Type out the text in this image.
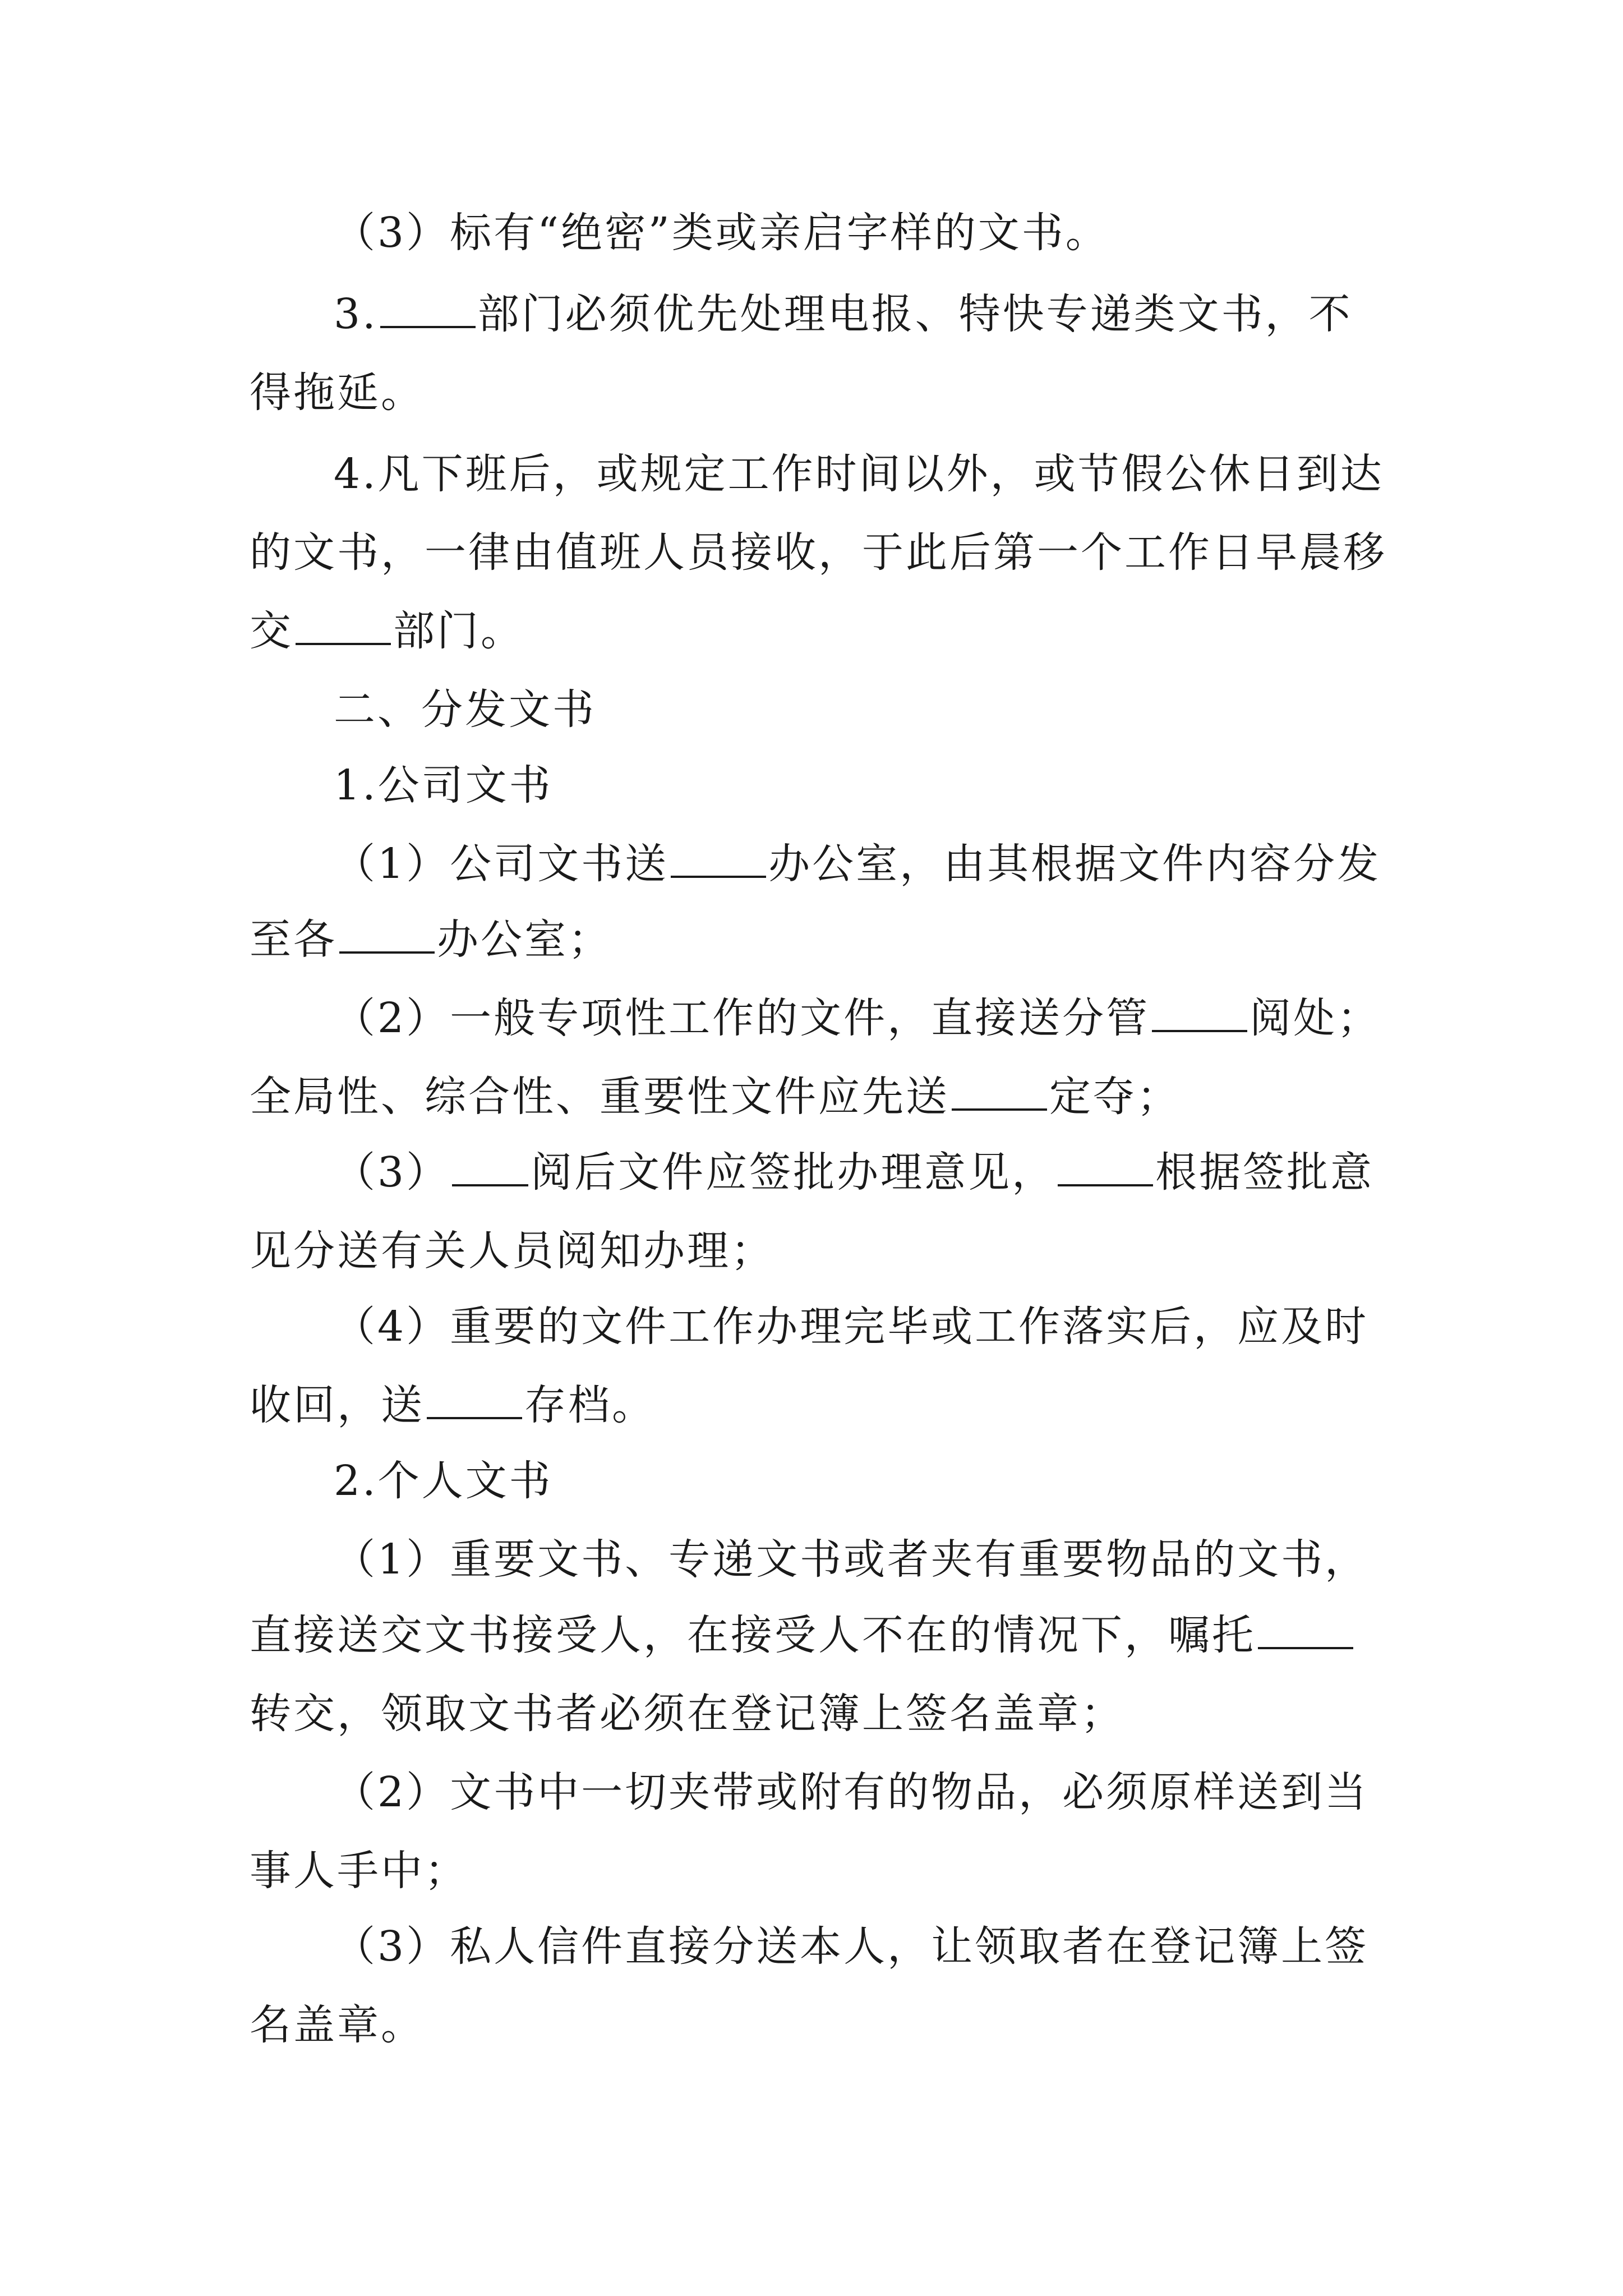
（3）标有“绝密”类或亲启字样的文书。
3. 部门必须优先处理电报、特快专递类文书，不
得拖延。
4.凡下班后，或规定工作时间以外，或节假公休日到达
的文书，一律由值班人员接收，于此后第一个工作日早晨移
交 部门。
二、分发文书
1.公司文书
（1）公司文书送 办公室，由其根据文件内容分发
至各 办公室；
（2）一般专项性工作的文件，直接送分管 阅处；
全局性、综合性、重要性文件应先送 定夺；
（3） 阅后文件应签批办理意见， 根据签批意
见分送有关人员阅知办理；
（4）重要的文件工作办理完毕或工作落实后，应及时
收回，送 存档。
2.个人文书
（1）重要文书、专递文书或者夹有重要物品的文书，
直接送交文书接受人，在接受人不在的情况下，嘱托
转交，领取文书者必须在登记簿上签名盖章；
（2）文书中一切夹带或附有的物品，必须原样送到当
事人手中；
（3）私人信件直接分送本人，让领取者在登记簿上签
名盖章。
